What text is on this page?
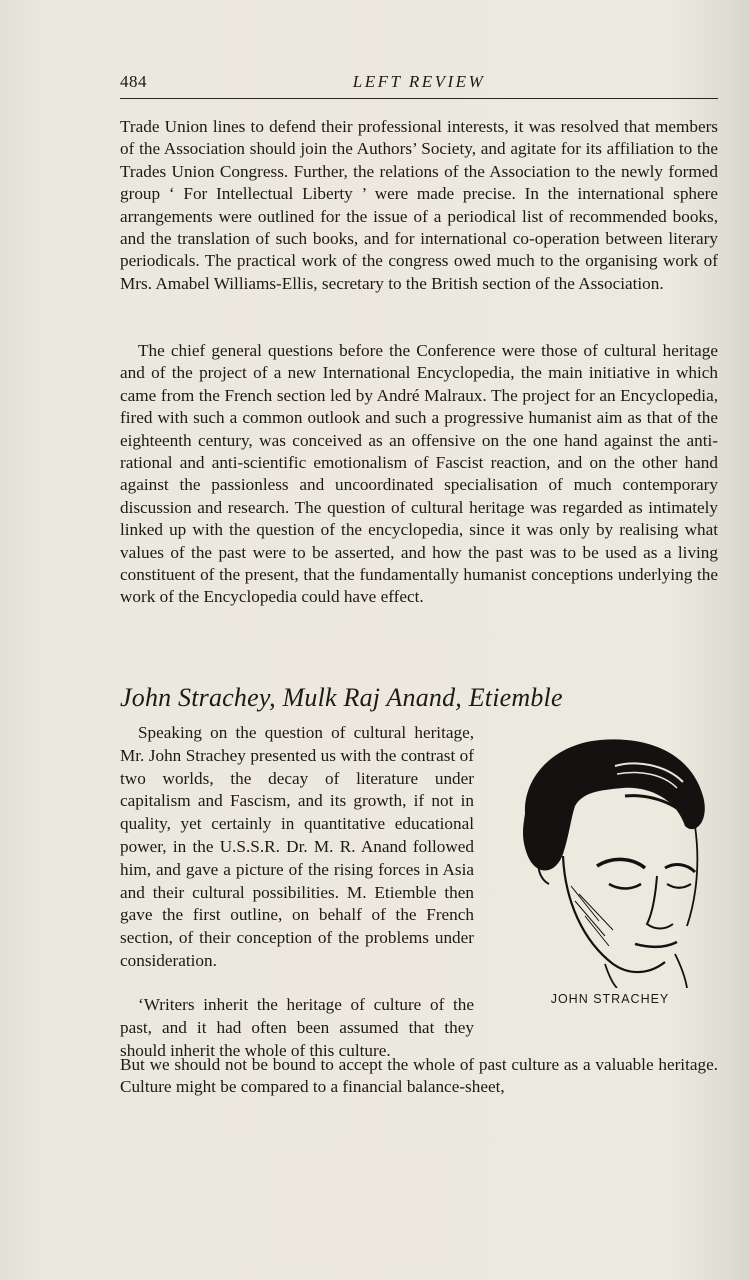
484	LEFT REVIEW

Trade Union lines to defend their professional interests, it was resolved that members of the Association should join the Authors’ Society, and agitate for its affiliation to the Trades Union Congress. Further, the relations of the Association to the newly formed group ‘ For Intellectual Liberty ’ were made precise. In the international sphere arrangements were outlined for the issue of a periodical list of recommended books, and the translation of such books, and for international co-operation between literary periodicals. The practical work of the congress owed much to the organising work of Mrs. Amabel Williams-Ellis, secretary to the British section of the Association.

The chief general questions before the Conference were those of cultural heritage and of the project of a new International Encyclopedia, the main initiative in which came from the French section led by André Malraux. The project for an Encyclopedia, fired with such a common outlook and such a progressive humanist aim as that of the eighteenth century, was conceived as an offensive on the one hand against the anti-rational and anti-scientific emotionalism of Fascist reaction, and on the other hand against the passionless and uncoordinated specialisation of much contemporary discussion and research. The question of cultural heritage was regarded as intimately linked up with the question of the encyclopedia, since it was only by realising what values of the past were to be asserted, and how the past was to be used as a living constituent of the present, that the fundamentally humanist conceptions underlying the work of the Encyclopedia could have effect.

John Strachey, Mulk Raj Anand, Etiemble

Speaking on the question of cultural heritage, Mr. John Strachey presented us with the contrast of two worlds, the decay of literature under capitalism and Fascism, and its growth, if not in quality, yet certainly in quantitative educational power, in the U.S.S.R. Dr. M. R. Anand followed him, and gave a picture of the rising forces in Asia and their cultural possibilities. M. Etiemble then gave the first outline, on behalf of the French section, of their conception of the problems under consideration.

‘Writers inherit the heritage of culture of the past, and it had often been assumed that they should inherit the whole of this culture.

But we should not be bound to accept the whole of past culture as a valuable heritage. Culture might be compared to a financial balance-sheet,

JOHN STRACHEY
